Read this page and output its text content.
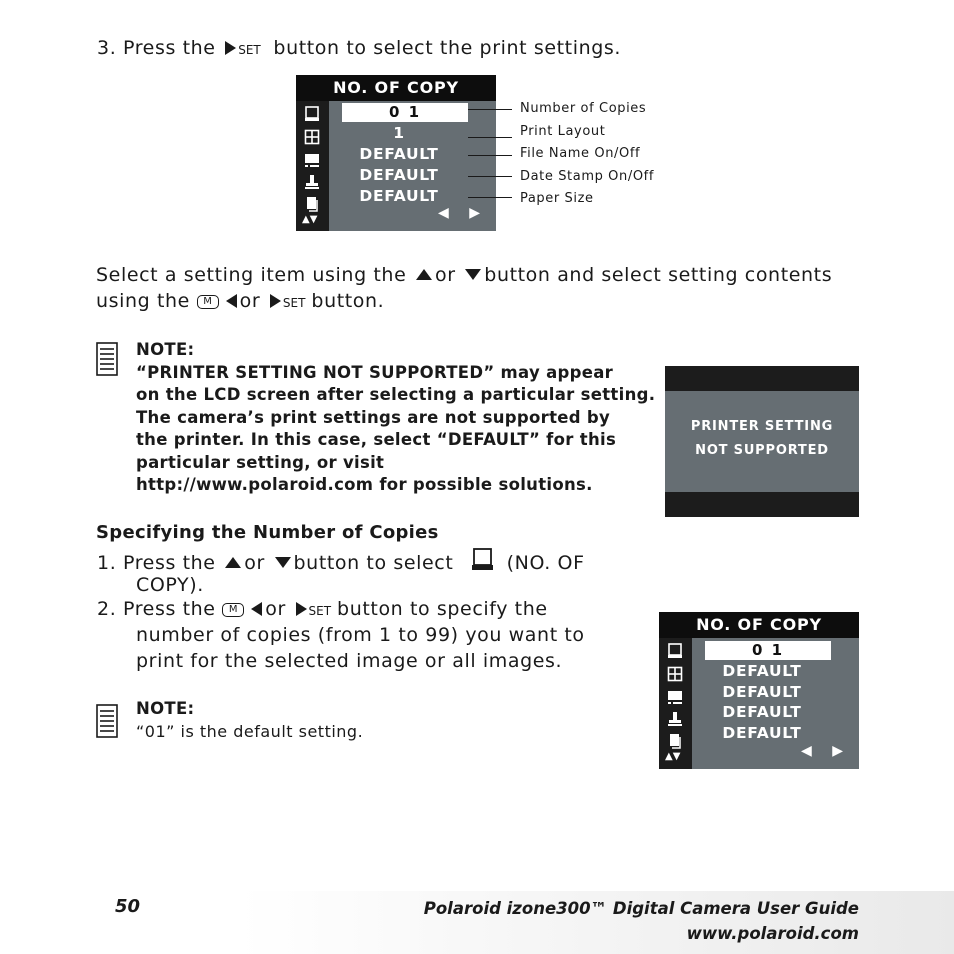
3. Press the SET button to select the print settings.
NO. OF COPY
▲▼
0 1
1
DEFAULT
DEFAULT
DEFAULT
◀ ▶
Number of Copies
Print Layout
File Name On/Off
Date Stamp On/Off
Paper Size
Select a setting item using the or button and select setting contents
using the M or SET button.
NOTE:
“PRINTER SETTING NOT SUPPORTED” may appear
on the LCD screen after selecting a particular setting.
The camera’s print settings are not supported by
the printer. In this case, select “DEFAULT” for this
particular setting, or visit
http://www.polaroid.com for possible solutions.
PRINTER SETTING
NOT SUPPORTED
Specifying the Number of Copies
1. Press the or button to select	(NO. OF
COPY).
2. Press the M or SET button to specify the
number of copies (from 1 to 99) you want to
print for the selected image or all images.
NOTE:
“01” is the default setting.
NO. OF COPY
▲▼
0 1
DEFAULT
DEFAULT
DEFAULT
DEFAULT
◀ ▶
50	Polaroid izone300™ Digital Camera User Guide
www.polaroid.com
